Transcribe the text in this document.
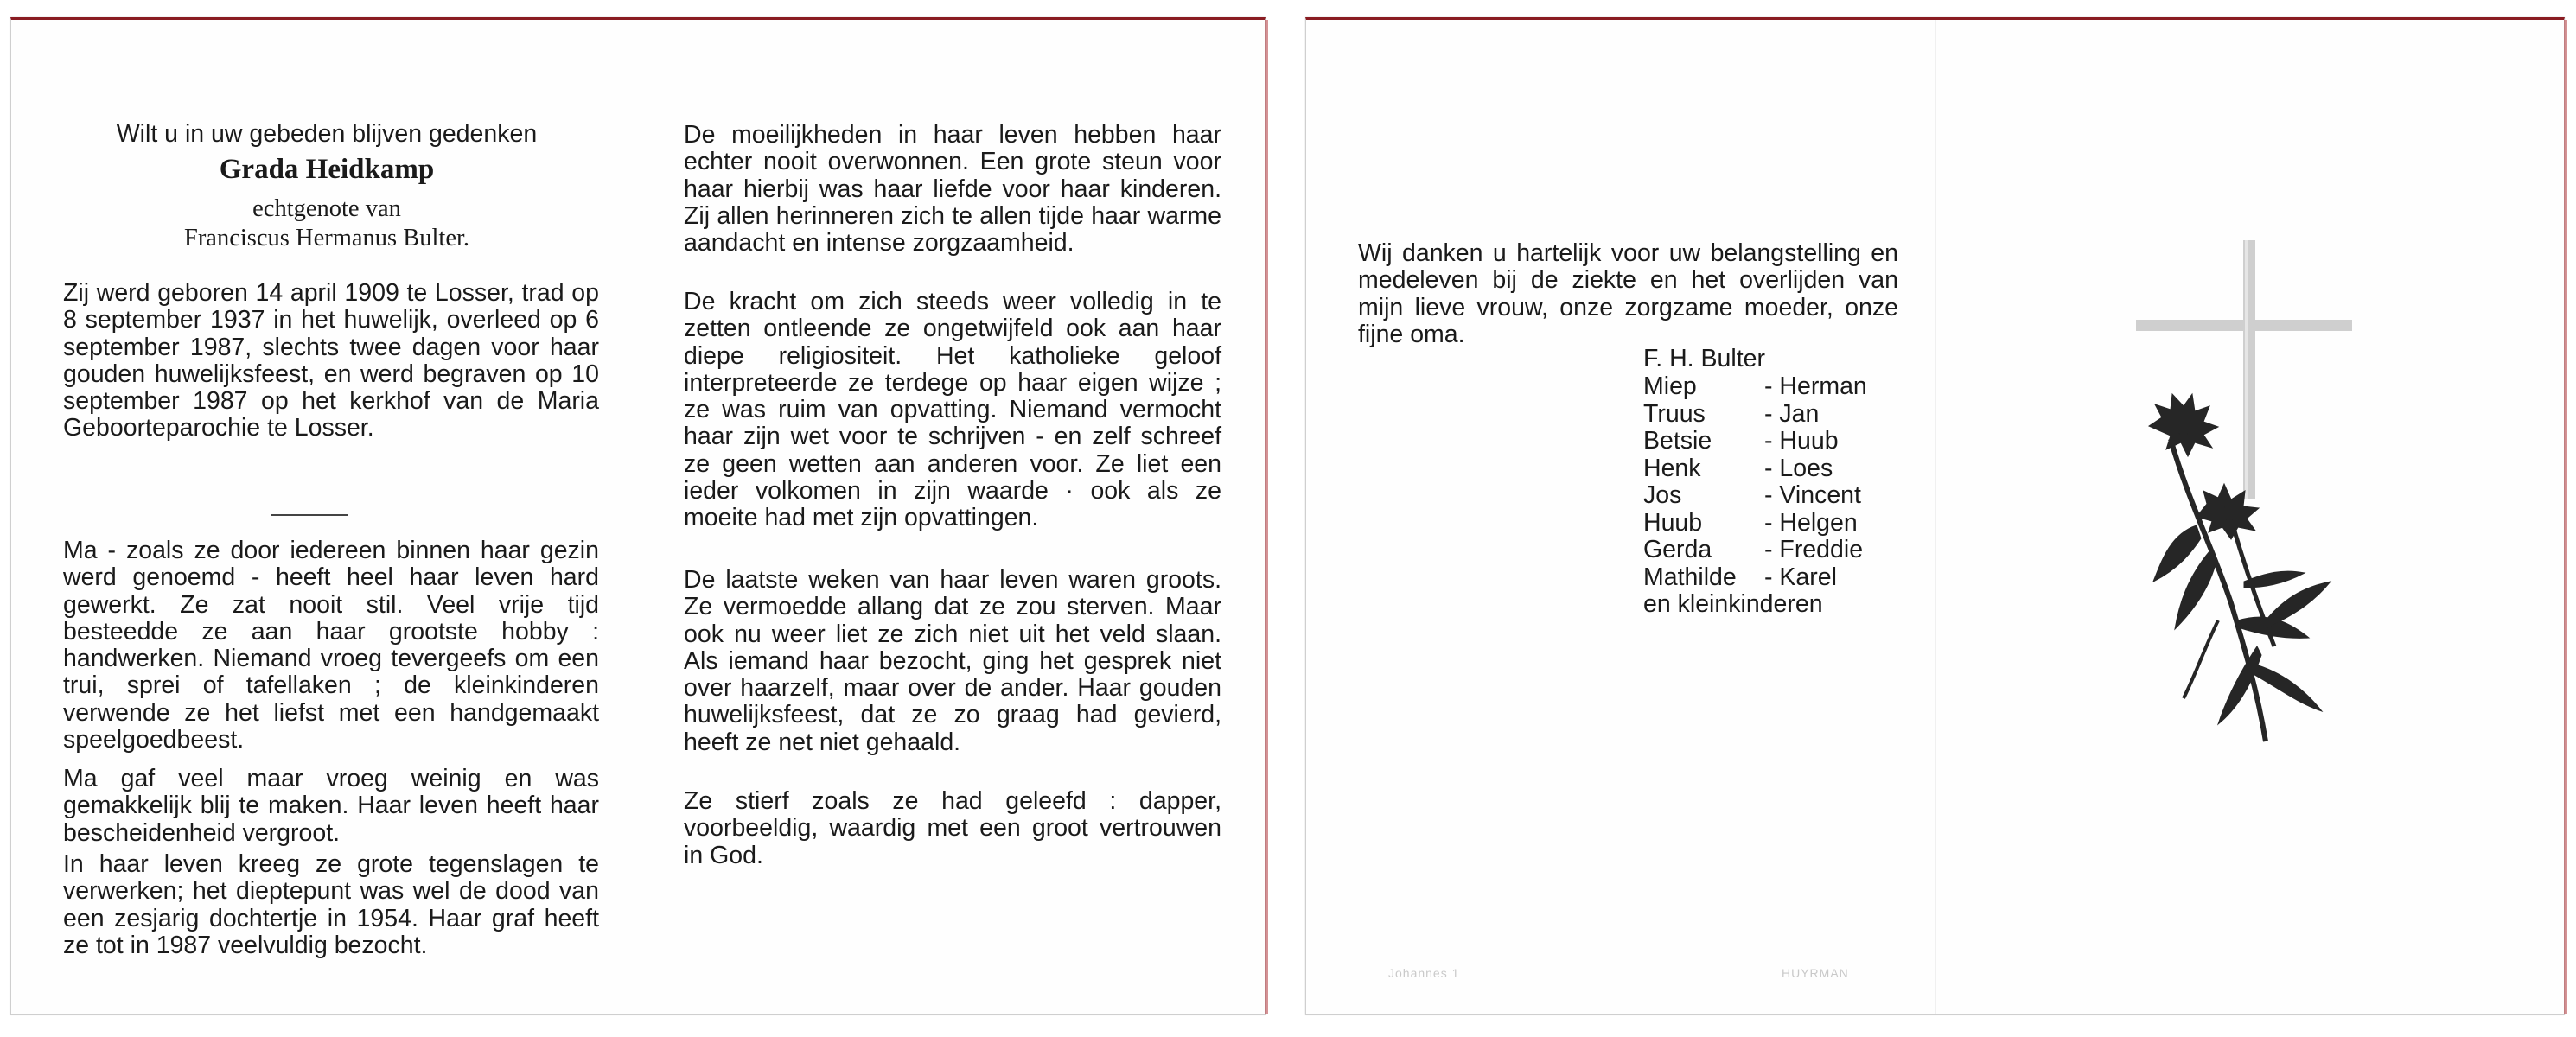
Wilt u in uw gebeden blijven gedenken

Grada Heidkamp

echtgenote van

Franciscus Hermanus Bulter.

Zij werd geboren 14 april 1909 te Losser, trad op 8 september 1937 in het huwelijk, overleed op 6 september 1987, slechts twee dagen voor haar gouden huwelijksfeest, en werd begraven op 10 september 1987 op het kerkhof van de Maria Geboorteparochie te Losser.

Ma - zoals ze door iedereen binnen haar gezin werd genoemd - heeft heel haar leven hard gewerkt. Ze zat nooit stil. Veel vrije tijd besteedde ze aan haar grootste hobby : handwerken. Niemand vroeg tevergeefs om een trui, sprei of tafellaken ; de kleinkinderen verwende ze het liefst met een handgemaakt speelgoedbeest.

Ma gaf veel maar vroeg weinig en was gemakkelijk blij te maken. Haar leven heeft haar bescheidenheid vergroot.

In haar leven kreeg ze grote tegenslagen te verwerken; het dieptepunt was wel de dood van een zesjarig dochtertje in 1954. Haar graf heeft ze tot in 1987 veelvuldig bezocht.

De moeilijkheden in haar leven hebben haar echter nooit overwonnen. Een grote steun voor haar hierbij was haar liefde voor haar kinderen. Zij allen herinneren zich te allen tijde haar warme aandacht en intense zorgzaamheid.

De kracht om zich steeds weer volledig in te zetten ontleende ze ongetwijfeld ook aan haar diepe religiositeit. Het katholieke geloof interpreteerde ze terdege op haar eigen wijze ; ze was ruim van opvatting. Niemand vermocht haar zijn wet voor te schrijven - en zelf schreef ze geen wetten aan anderen voor. Ze liet een ieder volkomen in zijn waarde · ook als ze moeite had met zijn opvattingen.

De laatste weken van haar leven waren groots. Ze vermoedde allang dat ze zou sterven. Maar ook nu weer liet ze zich niet uit het veld slaan. Als iemand haar bezocht, ging het gesprek niet over haarzelf, maar over de ander. Haar gouden huwelijksfeest, dat ze zo graag had gevierd, heeft ze net niet gehaald.

Ze stierf zoals ze had geleefd : dapper, voorbeeldig, waardig met een groot vertrouwen in God.

Wij danken u hartelijk voor uw belangstelling en medeleven bij de ziekte en het overlijden van mijn lieve vrouw, onze zorgzame moeder, onze fijne oma.

F. H. Bulter

Miep	- Herman
Truus	- Jan
Betsie	- Huub
Henk	- Loes
Jos	- Vincent
Huub	- Helgen
Gerda	- Freddie
Mathilde	- Karel
en kleinkinderen
Johannes 1	HUYRMAN
